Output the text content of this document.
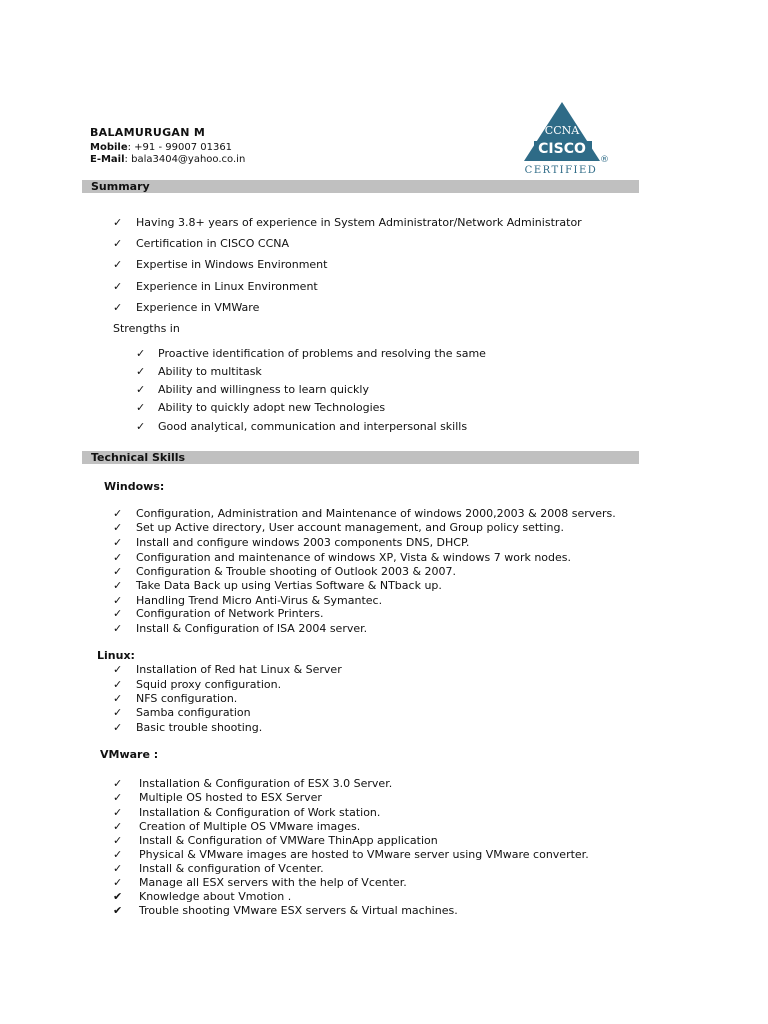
BALAMURUGAN M
Mobile: +91 - 99007 01361
E-Mail: bala3404@yahoo.co.in
CCNA
CISCO
CERTIFIED
®
Summary
✓ Having 3.8+ years of experience in System Administrator/Network Administrator
✓ Certification in CISCO CCNA
✓ Expertise in Windows Environment
✓ Experience in Linux Environment
✓ Experience in VMWare
Strengths in
✓ Proactive identification of problems and resolving the same
✓ Ability to multitask
✓ Ability and willingness to learn quickly
✓ Ability to quickly adopt new Technologies
✓ Good analytical, communication and interpersonal skills
Technical Skills
Windows:
✓ Configuration, Administration and Maintenance of windows 2000,2003 & 2008 servers.
✓ Set up Active directory, User account management, and Group policy setting.
✓ Install and configure windows 2003 components DNS, DHCP.
✓ Configuration and maintenance of windows XP, Vista & windows 7 work nodes.
✓ Configuration & Trouble shooting of Outlook 2003 & 2007.
✓ Take Data Back up using Vertias Software & NTback up.
✓ Handling Trend Micro Anti-Virus & Symantec.
✓ Configuration of Network Printers.
✓ Install & Configuration of ISA 2004 server.
Linux:
✓ Installation of Red hat Linux & Server
✓ Squid proxy configuration.
✓ NFS configuration.
✓ Samba configuration
✓ Basic trouble shooting.
VMware :
✓ Installation & Configuration of ESX 3.0 Server.
✓ Multiple OS hosted to ESX Server
✓ Installation & Configuration of Work station.
✓ Creation of Multiple OS VMware images.
✓ Install & Configuration of VMWare ThinApp application
✓ Physical & VMware images are hosted to VMware server using VMware converter.
✓ Install & configuration of Vcenter.
✓ Manage all ESX servers with the help of Vcenter.
✔ Knowledge about Vmotion .
✔ Trouble shooting VMware ESX servers & Virtual machines.
